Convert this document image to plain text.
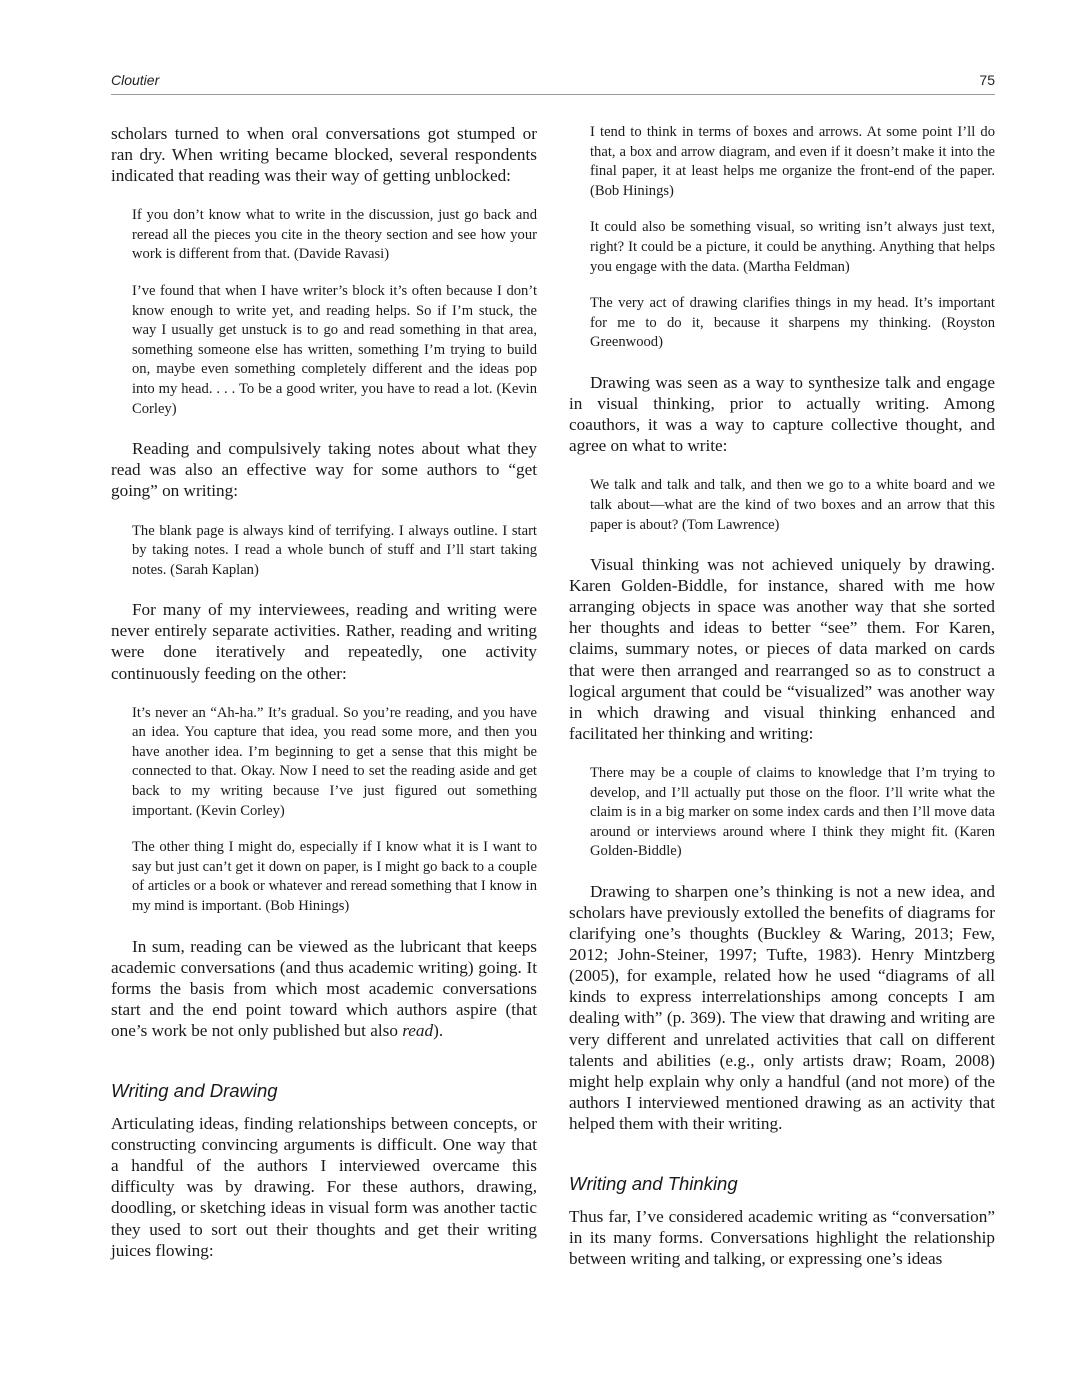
Cloutier	75

scholars turned to when oral conversations got stumped or ran dry. When writing became blocked, several respondents indicated that reading was their way of getting unblocked:

If you don’t know what to write in the discussion, just go back and reread all the pieces you cite in the theory section and see how your work is different from that. (Davide Ravasi)

I’ve found that when I have writer’s block it’s often because I don’t know enough to write yet, and reading helps. So if I’m stuck, the way I usually get unstuck is to go and read something in that area, something someone else has written, something I’m trying to build on, maybe even something completely different and the ideas pop into my head. . . . To be a good writer, you have to read a lot. (Kevin Corley)

Reading and compulsively taking notes about what they read was also an effective way for some authors to “get going” on writing:

The blank page is always kind of terrifying. I always outline. I start by taking notes. I read a whole bunch of stuff and I’ll start taking notes. (Sarah Kaplan)

For many of my interviewees, reading and writing were never entirely separate activities. Rather, reading and writing were done iteratively and repeatedly, one activity continuously feeding on the other:

It’s never an “Ah-ha.” It’s gradual. So you’re reading, and you have an idea. You capture that idea, you read some more, and then you have another idea. I’m beginning to get a sense that this might be connected to that. Okay. Now I need to set the reading aside and get back to my writing because I’ve just figured out something important. (Kevin Corley)

The other thing I might do, especially if I know what it is I want to say but just can’t get it down on paper, is I might go back to a couple of articles or a book or whatever and reread something that I know in my mind is important. (Bob Hinings)

In sum, reading can be viewed as the lubricant that keeps academic conversations (and thus academic writing) going. It forms the basis from which most academic conversations start and the end point toward which authors aspire (that one’s work be not only published but also read).

Writing and Drawing

Articulating ideas, finding relationships between concepts, or constructing convincing arguments is difficult. One way that a handful of the authors I interviewed overcame this difficulty was by drawing. For these authors, drawing, doodling, or sketching ideas in visual form was another tactic they used to sort out their thoughts and get their writing juices flowing:

I tend to think in terms of boxes and arrows. At some point I’ll do that, a box and arrow diagram, and even if it doesn’t make it into the final paper, it at least helps me organize the front-end of the paper. (Bob Hinings)

It could also be something visual, so writing isn’t always just text, right? It could be a picture, it could be anything. Anything that helps you engage with the data. (Martha Feldman)

The very act of drawing clarifies things in my head. It’s important for me to do it, because it sharpens my thinking. (Royston Greenwood)

Drawing was seen as a way to synthesize talk and engage in visual thinking, prior to actually writing. Among coauthors, it was a way to capture collective thought, and agree on what to write:

We talk and talk and talk, and then we go to a white board and we talk about—what are the kind of two boxes and an arrow that this paper is about? (Tom Lawrence)

Visual thinking was not achieved uniquely by drawing. Karen Golden-Biddle, for instance, shared with me how arranging objects in space was another way that she sorted her thoughts and ideas to better “see” them. For Karen, claims, summary notes, or pieces of data marked on cards that were then arranged and rearranged so as to construct a logical argument that could be “visualized” was another way in which drawing and visual thinking enhanced and facilitated her thinking and writing:

There may be a couple of claims to knowledge that I’m trying to develop, and I’ll actually put those on the floor. I’ll write what the claim is in a big marker on some index cards and then I’ll move data around or interviews around where I think they might fit. (Karen Golden-Biddle)

Drawing to sharpen one’s thinking is not a new idea, and scholars have previously extolled the benefits of diagrams for clarifying one’s thoughts (Buckley & Waring, 2013; Few, 2012; John-Steiner, 1997; Tufte, 1983). Henry Mintzberg (2005), for example, related how he used “diagrams of all kinds to express interrelationships among concepts I am dealing with” (p. 369). The view that drawing and writing are very different and unrelated activities that call on different talents and abilities (e.g., only artists draw; Roam, 2008) might help explain why only a handful (and not more) of the authors I interviewed mentioned drawing as an activity that helped them with their writing.

Writing and Thinking

Thus far, I’ve considered academic writing as “conversation” in its many forms. Conversations highlight the relationship between writing and talking, or expressing one’s ideas
